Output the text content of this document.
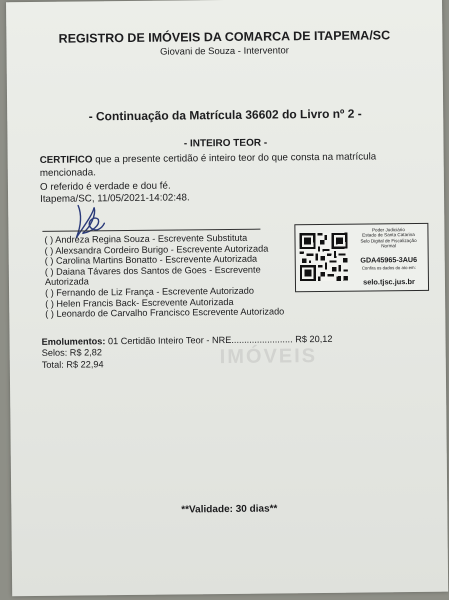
REGISTRO DE IMÓVEIS DA COMARCA DE ITAPEMA/SC
Giovani de Souza - Interventor
- Continuação da Matrícula 36602 do Livro nº 2 -
- INTEIRO TEOR -
CERTIFICO que a presente certidão é inteiro teor do que consta na matrícula mencionada.
O referido é verdade e dou fé.
Itapema/SC, 11/05/2021-14:02:48.
( ) Andreza Regina Souza - Escrevente Substituta
( ) Alexsandra Cordeiro Burigo - Escrevente Autorizada
( ) Carolina Martins Bonatto - Escrevente Autorizada
( ) Daiana Távares dos Santos de Goes - Escrevente
Autorizada
( ) Fernando de Liz França - Escrevente Autorizado
( ) Helen Francis Back- Escrevente Autorizada
( ) Leonardo de Carvalho Francisco Escrevente Autorizado
Poder Judiciário
Estado de Santa Catarina
Selo Digital de Fiscalização
Normal
GDA45965-3AU6
Confira os dados do ato em:
selo.tjsc.jus.br
IMÓVEIS
Emolumentos: 01 Certidão Inteiro Teor - NRE........................ R$ 20,12
Selos: R$ 2,82
Total: R$ 22,94
**Validade: 30 dias**
